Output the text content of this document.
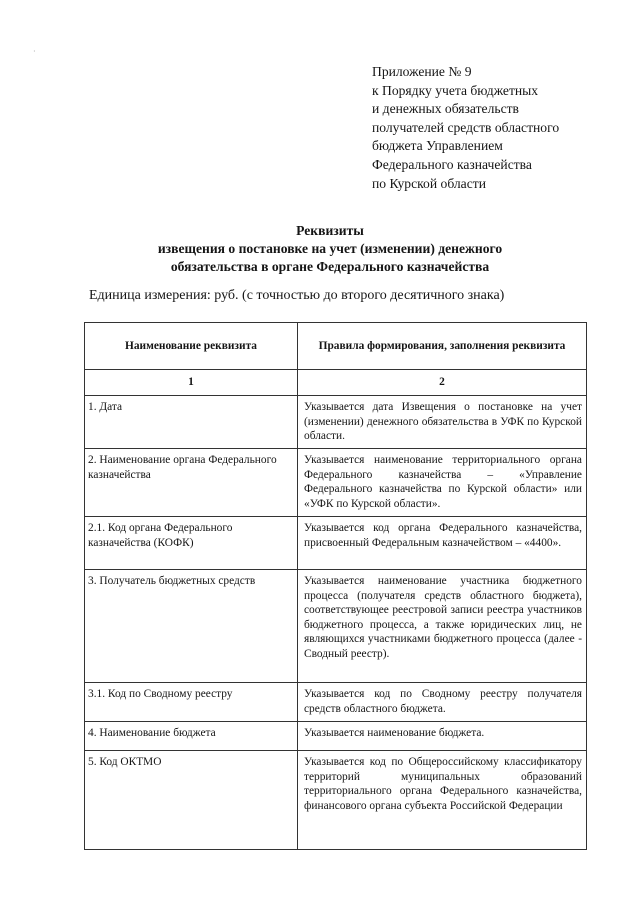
·
Приложение № 9
к Порядку учета бюджетных
и денежных обязательств
получателей средств областного
бюджета Управлением
Федерального казначейства
по Курской области
Реквизиты
извещения о постановке на учет (изменении) денежного
обязательства в органе Федерального казначейства
Единица измерения: руб. (с точностью до второго десятичного знака)
Наименование реквизита	Правила формирования, заполнения реквизита
1	2
1. Дата	Указывается дата Извещения о постановке на учет (изменении) денежного обязательства в УФК по Курской области.
2. Наименование органа Федерального казначейства	Указывается наименование территориального органа Федерального казначейства – «Управление Федерального казначейства по Курской области» или «УФК по Курской области».
2.1. Код органа Федерального казначейства (КОФК)	Указывается код органа Федерального казначейства, присвоенный Федеральным казначейством – «4400».
3. Получатель бюджетных средств	Указывается наименование участника бюджетного процесса (получателя средств областного бюджета), соответствующее реестровой записи реестра участников бюджетного процесса, а также юридических лиц, не являющихся участниками бюджетного процесса (далее - Сводный реестр).
3.1. Код по Сводному реестру	Указывается код по Сводному реестру получателя средств областного бюджета.
4. Наименование бюджета	Указывается наименование бюджета.
5. Код ОКТМО	Указывается код по Общероссийскому классификатору территорий муниципальных образований территориального органа Федерального казначейства, финансового органа субъекта Российской Федерации
